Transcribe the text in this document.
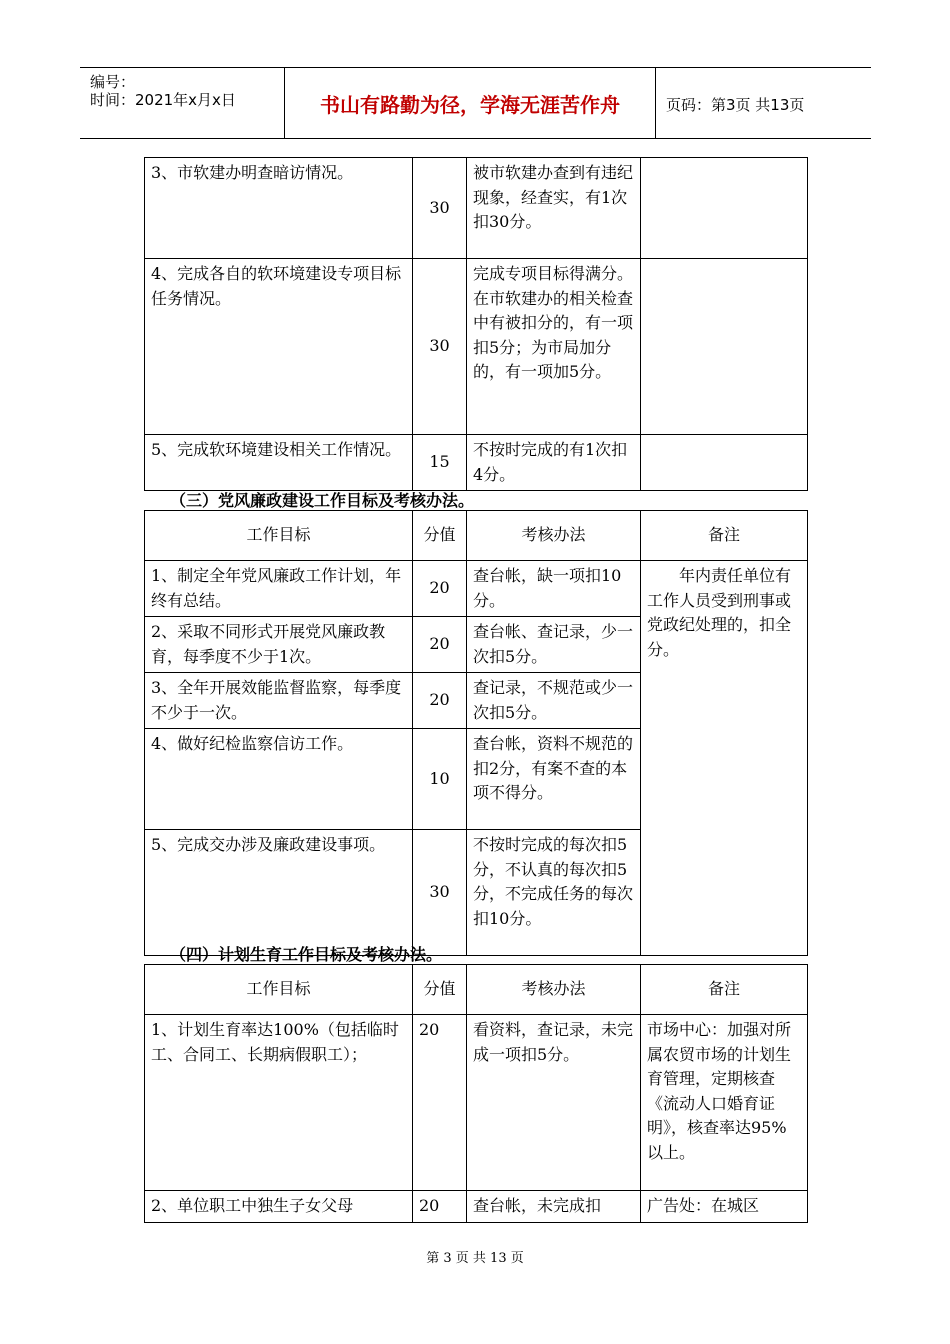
编号：
时间：2021年x月x日	书山有路勤为径，学海无涯苦作舟	页码：第3页 共13页
3、市软建办明查暗访情况。	30	被市软建办查到有违纪现象，经查实，有1次扣30分。	
4、完成各自的软环境建设专项目标任务情况。	30	完成专项目标得满分。在市软建办的相关检查中有被扣分的，有一项扣5分；为市局加分的，有一项加5分。	
5、完成软环境建设相关工作情况。	15	不按时完成的有1次扣4分。	
（三）党风廉政建设工作目标及考核办法。
工作目标	分值	考核办法	备注
1、制定全年党风廉政工作计划，年终有总结。	20	查台帐，缺一项扣10分。	年内责任单位有工作人员受到刑事或党政纪处理的，扣全分。
2、采取不同形式开展党风廉政教育，每季度不少于1次。	20	查台帐、查记录，少一次扣5分。	
3、全年开展效能监督监察，每季度不少于一次。	20	查记录，不规范或少一次扣5分。	
4、做好纪检监察信访工作。	10	查台帐，资料不规范的扣2分，有案不查的本项不得分。	
5、完成交办涉及廉政建设事项。	30	不按时完成的每次扣5分，不认真的每次扣5分，不完成任务的每次扣10分。	
（四）计划生育工作目标及考核办法。
工作目标	分值	考核办法	备注
1、计划生育率达100%（包括临时工、合同工、长期病假职工）；	20	看资料，查记录，未完成一项扣5分。	市场中心：加强对所属农贸市场的计划生育管理，定期核查《流动人口婚育证明》，核查率达95%以上。
2、单位职工中独生子女父母	20	查台帐，未完成扣	广告处：在城区
第 3 页 共 13 页
